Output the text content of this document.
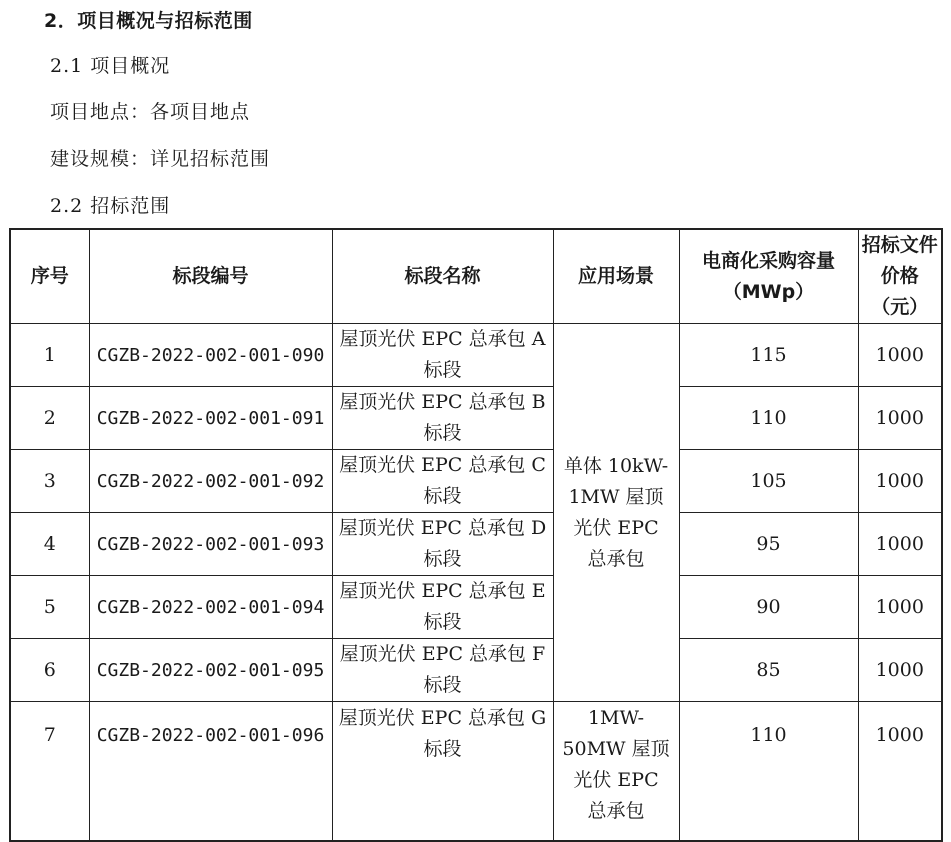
2．项目概况与招标范围
2.1 项目概况
项目地点：各项目地点
建设规模：详见招标范围
2.2 招标范围
序号	标段编号	标段名称	应用场景	电商化采购容量（MWp）	招标文件价格（元）
1	CGZB-2022-002-001-090	屋顶光伏 EPC 总承包 A 标段	单体 10kW-1MW 屋顶光伏 EPC 总承包	115	1000
2	CGZB-2022-002-001-091	屋顶光伏 EPC 总承包 B 标段		110	1000
3	CGZB-2022-002-001-092	屋顶光伏 EPC 总承包 C 标段		105	1000
4	CGZB-2022-002-001-093	屋顶光伏 EPC 总承包 D 标段		95	1000
5	CGZB-2022-002-001-094	屋顶光伏 EPC 总承包 E 标段		90	1000
6	CGZB-2022-002-001-095	屋顶光伏 EPC 总承包 F 标段		85	1000
7	CGZB-2022-002-001-096	屋顶光伏 EPC 总承包 G 标段	1MW-50MW 屋顶光伏 EPC 总承包	110	1000
